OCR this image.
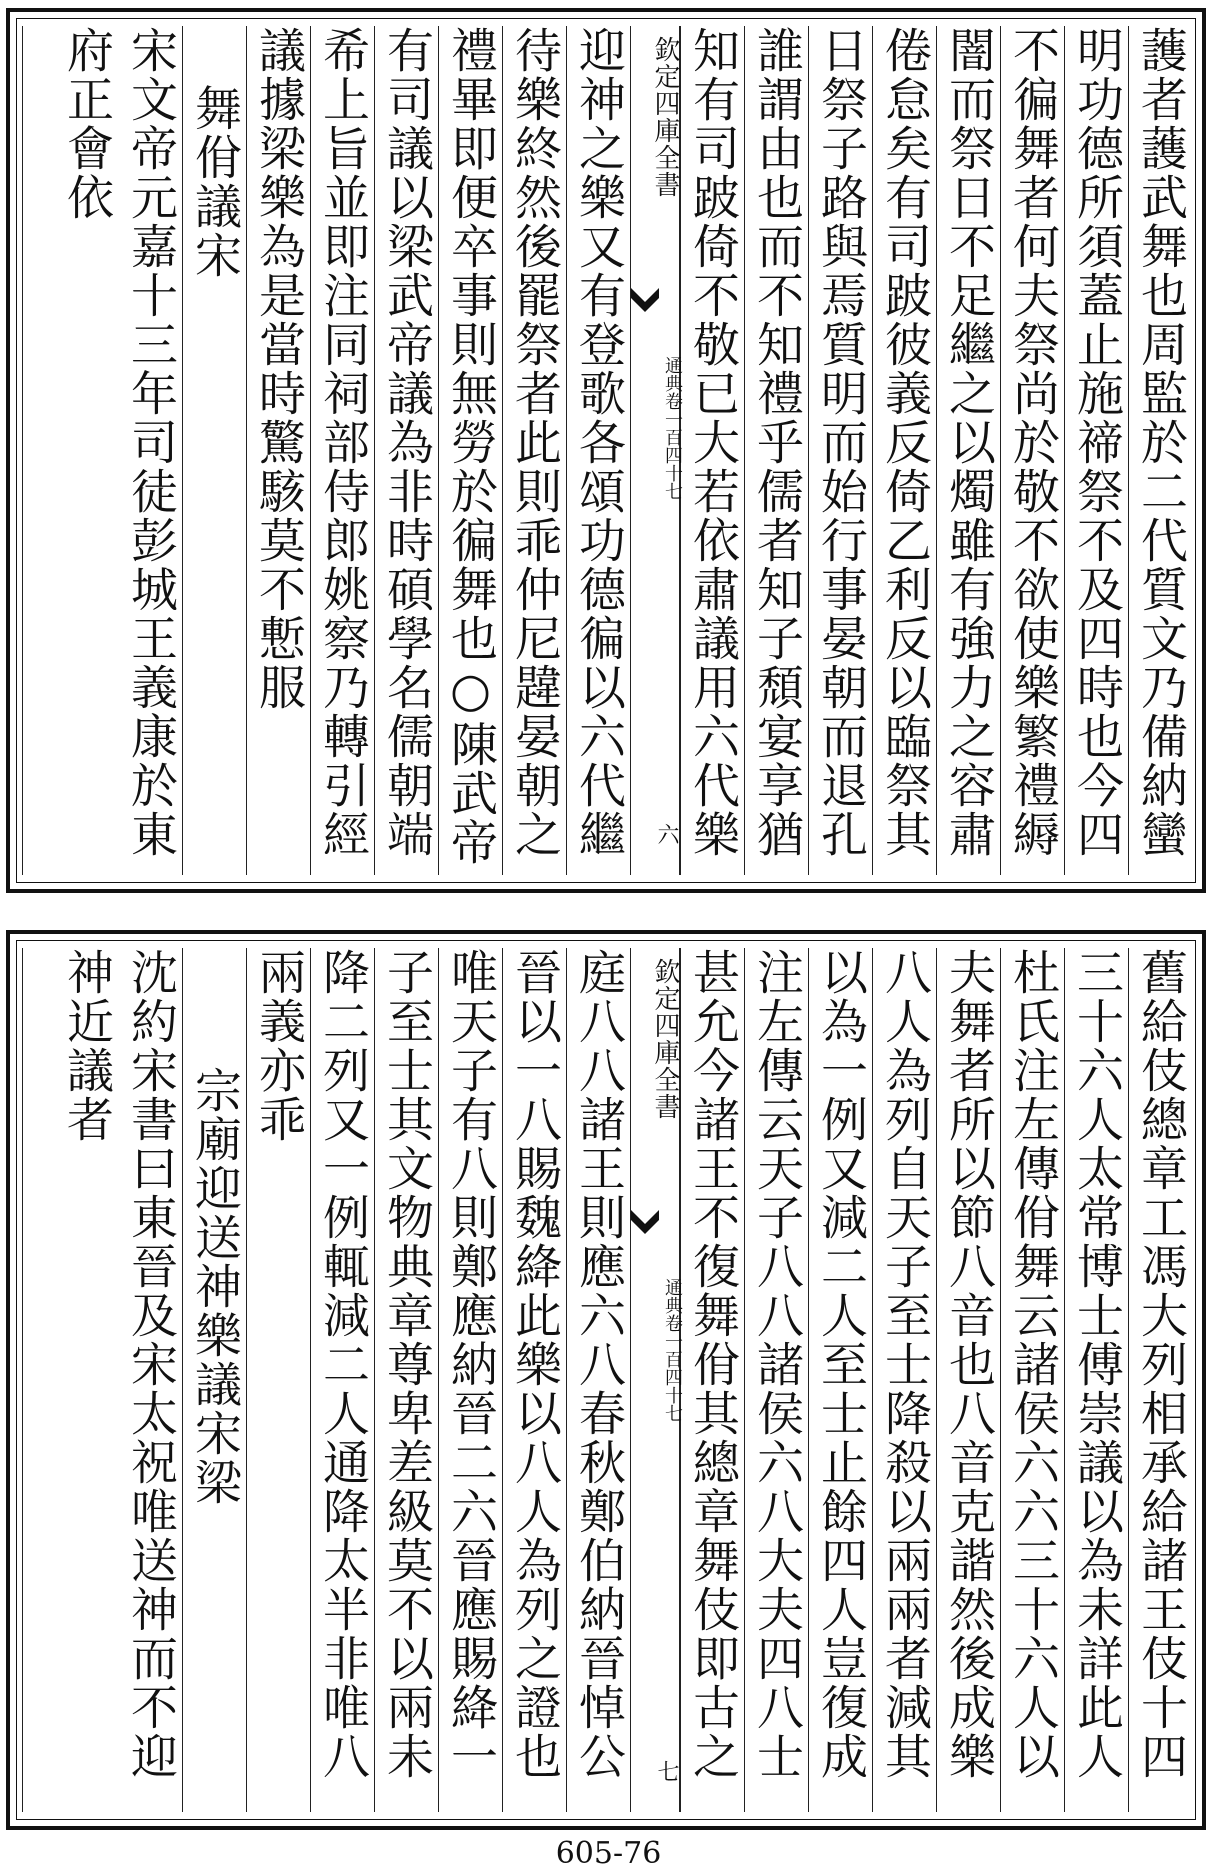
䕶者䕶武舞也周監於二代質文乃備納蠻
明功德所須蓋止施禘祭不及四時也今四
不徧舞者何夫祭尚於敬不欲使樂繁禮縟
闇而祭日不足繼之以燭雖有強力之容肅
倦怠矣有司跛彼義反倚乙利反以臨祭其
日祭子路與焉質明而始行事晏朝而退孔
誰謂由也而不知禮乎儒者知子頹宴享猶
知有司跛倚不敬已大若依肅議用六代樂
欽定四庫全書
通典卷一百四十七
六
迎神之樂又有登歌各頌功德徧以六代繼
待樂終然後罷祭者此則乖仲尼韙晏朝之
禮畢即便卒事則無勞於徧舞也○陳武帝
有司議以梁武帝議為非時碩學名儒朝端
希上旨並即注同祠部侍郎姚察乃轉引經
議據梁樂為是當時驚駭莫不慙服
舞佾議宋
宋文帝元嘉十三年司徒彭城王義康於東府正會依
舊給伎總章工馮大列相承給諸王伎十四
三十六人太常博士傅崇議以為未詳此人
杜氏注左傳佾舞云諸侯六六三十六人以
夫舞者所以節八音也八音克諧然後成樂
八人為列自天子至士降殺以兩兩者減其
以為一例又減二人至士止餘四人豈復成
注左傳云天子八八諸侯六八大夫四八士
甚允今諸王不復舞佾其總章舞伎即古之
欽定四庫全書
通典卷一百四十七
七
庭八八諸王則應六八春秋鄭伯納晉悼公
晉以一八賜魏絳此樂以八人為列之證也
唯天子有八則鄭應納晉二六晉應賜絳一
子至士其文物典章尊卑差級莫不以兩未
降二列又一例輒減二人通降太半非唯八
兩義亦乖
宗廟迎送神樂議宋梁
沈約宋書曰東晉及宋太祝唯送神而不迎神近議者
605-76
